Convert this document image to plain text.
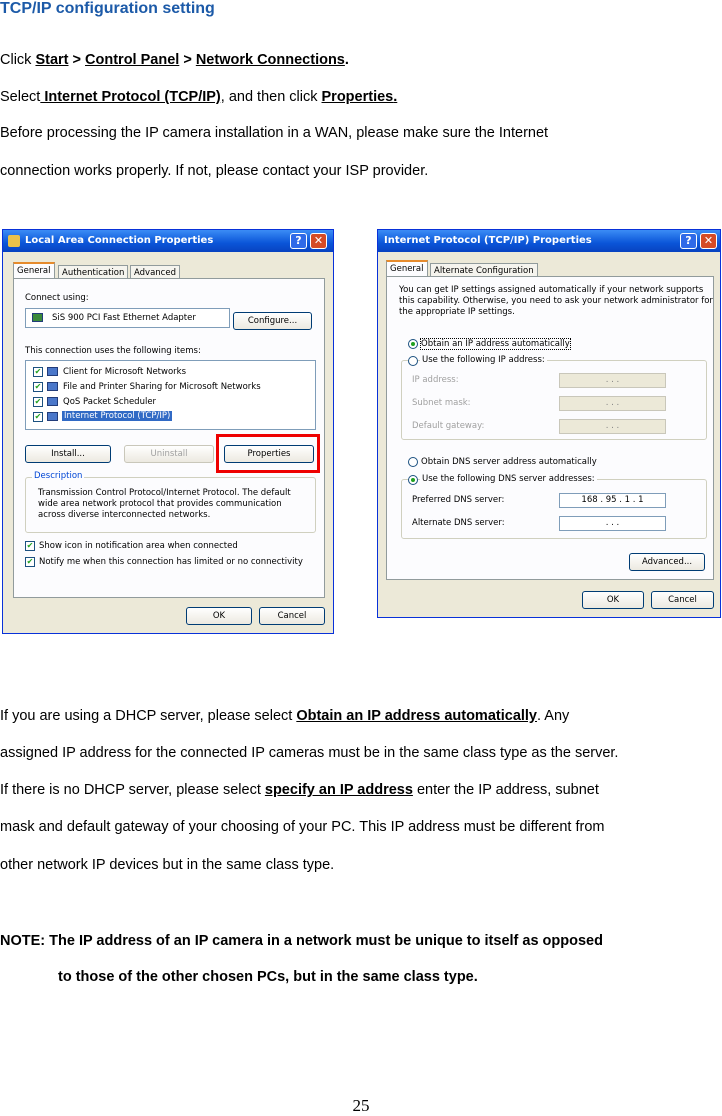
TCP/IP configuration setting
Click Start > Control Panel > Network Connections.
Select Internet Protocol (TCP/IP), and then click Properties.
Before processing the IP camera installation in a WAN, please make sure the Internet
connection works properly. If not, please contact your ISP provider.
Local Area Connection Properties	?	✕
General	Authentication	Advanced
Connect using:
SiS 900 PCI Fast Ethernet Adapter	Configure...
This connection uses the following items:
✔	Client for Microsoft Networks
✔	File and Printer Sharing for Microsoft Networks
✔	QoS Packet Scheduler
✔	Internet Protocol (TCP/IP)
Install...	Uninstall	Properties
Description
Transmission Control Protocol/Internet Protocol. The default
wide area network protocol that provides communication
across diverse interconnected networks.
✔ Show icon in notification area when connected
✔ Notify me when this connection has limited or no connectivity
OK	Cancel
Internet Protocol (TCP/IP) Properties	?	✕
General	Alternate Configuration
You can get IP settings assigned automatically if your network supports
this capability. Otherwise, you need to ask your network administrator for
the appropriate IP settings.
Obtain an IP address automatically
Use the following IP address:
IP address:	. . .
Subnet mask:	. . .
Default gateway:	. . .
Obtain DNS server address automatically
Use the following DNS server addresses:
Preferred DNS server:	168 . 95 . 1 . 1
Alternate DNS server:	. . .
Advanced...
OK	Cancel
If you are using a DHCP server, please select Obtain an IP address automatically. Any
assigned IP address for the connected IP cameras must be in the same class type as the server.
If there is no DHCP server, please select specify an IP address enter the IP address, subnet
mask and default gateway of your choosing of your PC. This IP address must be different from
other network IP devices but in the same class type.
NOTE: The IP address of an IP camera in a network must be unique to itself as opposed
to those of the other chosen PCs, but in the same class type.
25
